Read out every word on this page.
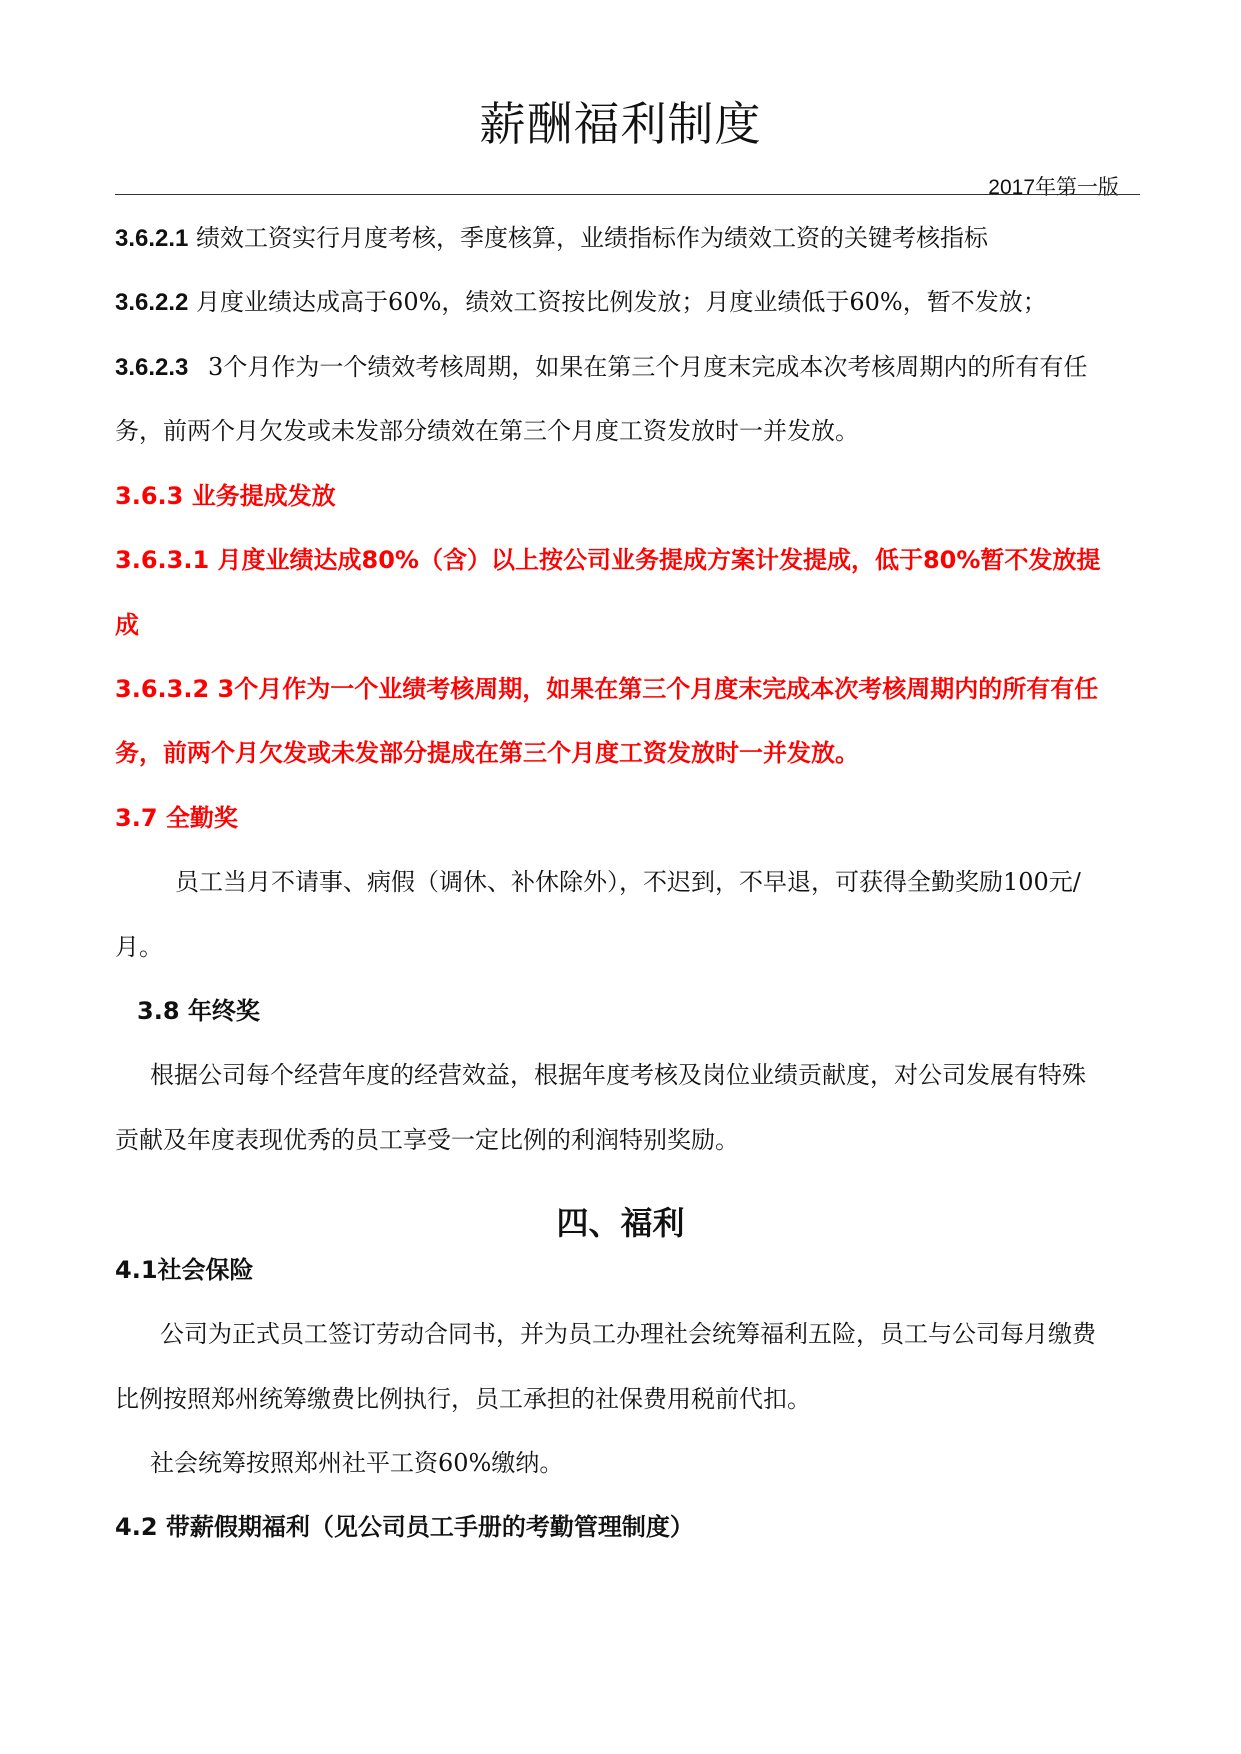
薪酬福利制度
2017年第一版
3.6.2.1 绩效工资实行月度考核，季度核算，业绩指标作为绩效工资的关键考核指标
3.6.2.2 月度业绩达成高于60%，绩效工资按比例发放；月度业绩低于60%，暂不发放；
3.6.2.3 3个月作为一个绩效考核周期，如果在第三个月度末完成本次考核周期内的所有有任
务，前两个月欠发或未发部分绩效在第三个月度工资发放时一并发放。
3.6.3 业务提成发放
3.6.3.1 月度业绩达成80%（含）以上按公司业务提成方案计发提成，低于80%暂不发放提
成
3.6.3.2 3个月作为一个业绩考核周期，如果在第三个月度末完成本次考核周期内的所有有任
务，前两个月欠发或未发部分提成在第三个月度工资发放时一并发放。
3.7 全勤奖
员工当月不请事、病假（调休、补休除外），不迟到，不早退，可获得全勤奖励100元/
月。
3.8 年终奖
根据公司每个经营年度的经营效益，根据年度考核及岗位业绩贡献度，对公司发展有特殊
贡献及年度表现优秀的员工享受一定比例的利润特别奖励。
四、福利
4.1社会保险
公司为正式员工签订劳动合同书，并为员工办理社会统筹福利五险，员工与公司每月缴费
比例按照郑州统筹缴费比例执行，员工承担的社保费用税前代扣。
社会统筹按照郑州社平工资60%缴纳。
4.2 带薪假期福利（见公司员工手册的考勤管理制度）
